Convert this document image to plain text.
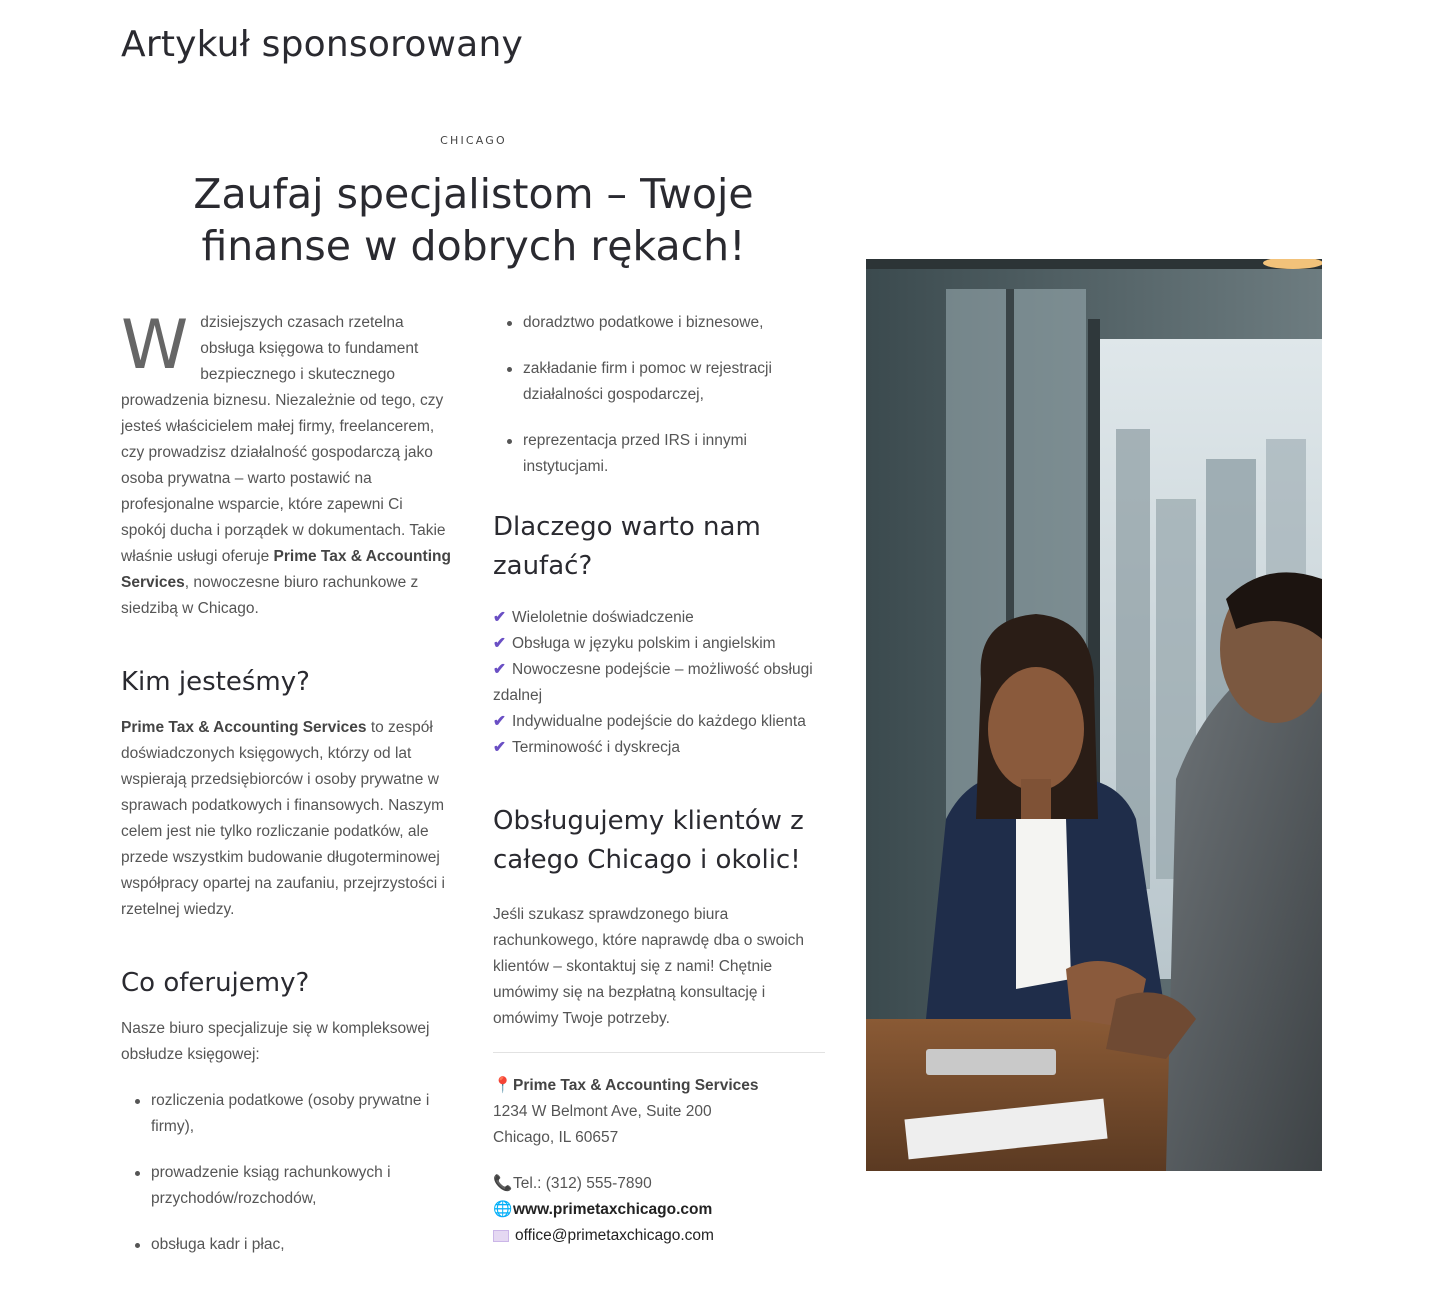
Artykuł sponsorowany
CHICAGO
Zaufaj specjalistom – Twoje finanse w dobrych rękach!

Wdzisiejszych czasach rzetelna obsługa księgowa to fundament bezpiecznego i skutecznego prowadzenia biznesu. Niezależnie od tego, czy jesteś właścicielem małej firmy, freelancerem, czy prowadzisz działalność gospodarczą jako osoba prywatna – warto postawić na profesjonalne wsparcie, które zapewni Ci spokój ducha i porządek w dokumentach. Takie właśnie usługi oferuje Prime Tax & Accounting Services, nowoczesne biuro rachunkowe z siedzibą w Chicago.

Kim jesteśmy?

Prime Tax & Accounting Services to zespół doświadczonych księgowych, którzy od lat wspierają przedsiębiorców i osoby prywatne w sprawach podatkowych i finansowych. Naszym celem jest nie tylko rozliczanie podatków, ale przede wszystkim budowanie długoterminowej współpracy opartej na zaufaniu, przejrzystości i rzetelnej wiedzy.

Co oferujemy?

Nasze biuro specjalizuje się w kompleksowej obsłudze księgowej:

rozliczenia podatkowe (osoby prywatne i firmy),
prowadzenie ksiąg rachunkowych i przychodów/rozchodów,
obsługa kadr i płac,
doradztwo podatkowe i biznesowe,
zakładanie firm i pomoc w rejestracji działalności gospodarczej,
reprezentacja przed IRS i innymi instytucjami.
Dlaczego warto nam zaufać?
✔ Wieloletnie doświadczenie
✔ Obsługa w języku polskim i angielskim
✔ Nowoczesne podejście – możliwość obsługi zdalnej
✔ Indywidualne podejście do każdego klienta
✔ Terminowość i dyskrecja
Obsługujemy klientów z całego Chicago i okolic!

Jeśli szukasz sprawdzonego biura rachunkowego, które naprawdę dba o swoich klientów – skontaktuj się z nami! Chętnie umówimy się na bezpłatną konsultację i omówimy Twoje potrzeby.

📍Prime Tax & Accounting Services
1234 W Belmont Ave, Suite 200
Chicago, IL 60657
📞Tel.: (312) 555-7890
🌐www.primetaxchicago.com
office@primetaxchicago.com
